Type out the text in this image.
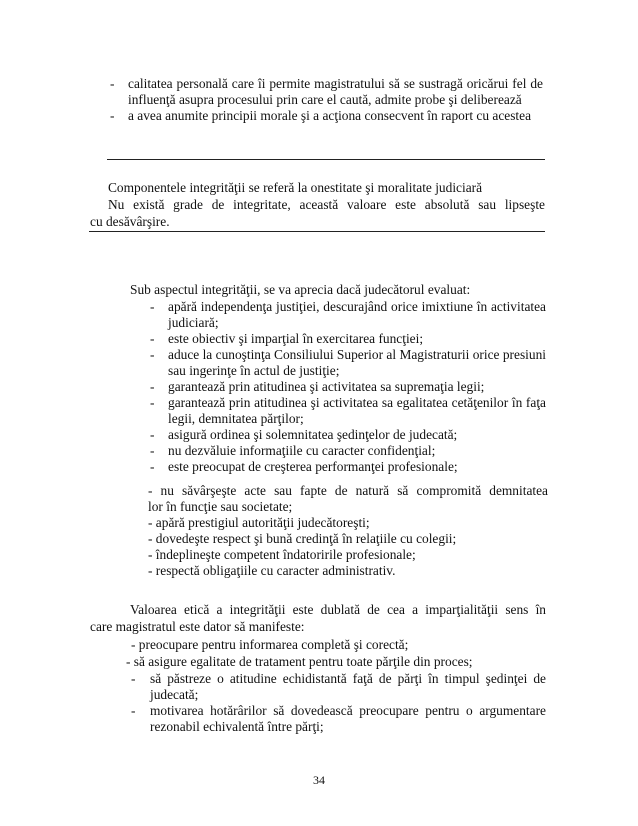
- calitatea personală care îi permite magistratului să se sustragă oricărui fel de influenţă asupra procesului prin care el caută, admite probe şi deliberează
- a avea anumite principii morale şi a acţiona consecvent în raport cu acestea
Componentele integrităţii se referă la onestitate şi moralitate judiciară
Nu există grade de integritate, această valoare este absolută sau lipseşte
cu desăvârşire.
Sub aspectul integrităţii, se va aprecia dacă judecătorul evaluat:
- apără independenţa justiţiei, descurajând orice imixtiune în activitatea judiciară;
- este obiectiv şi imparţial în exercitarea funcţiei;
- aduce la cunoştinţa Consiliului Superior al Magistraturii orice presiuni sau ingerinţe în actul de justiţie;
- garantează prin atitudinea şi activitatea sa supremaţia legii;
- garantează prin atitudinea şi activitatea sa egalitatea cetăţenilor în faţa legii, demnitatea părţilor;
- asigură ordinea şi solemnitatea şedinţelor de judecată;
- nu dezvăluie informaţiile cu caracter confidenţial;
- este preocupat de creşterea performanţei profesionale;
- nu săvârşeşte acte sau fapte de natură să compromită demnitatea
lor în funcţie sau societate;
- apără prestigiul autorităţii judecătoreşti;
- dovedeşte respect şi bună credinţă în relaţiile cu colegii;
- îndeplineşte competent îndatoririle profesionale;
- respectă obligaţiile cu caracter administrativ.
Valoarea etică a integrităţii este dublată de cea a imparţialităţii sens în
care magistratul este dator să manifeste:
- preocupare pentru informarea completă şi corectă;
- să asigure egalitate de tratament pentru toate părţile din proces;
- să păstreze o atitudine echidistantă faţă de părţi în timpul şedinţei de judecată;
- motivarea hotărârilor să dovedească preocupare pentru o argumentare rezonabil echivalentă între părţi;
34
